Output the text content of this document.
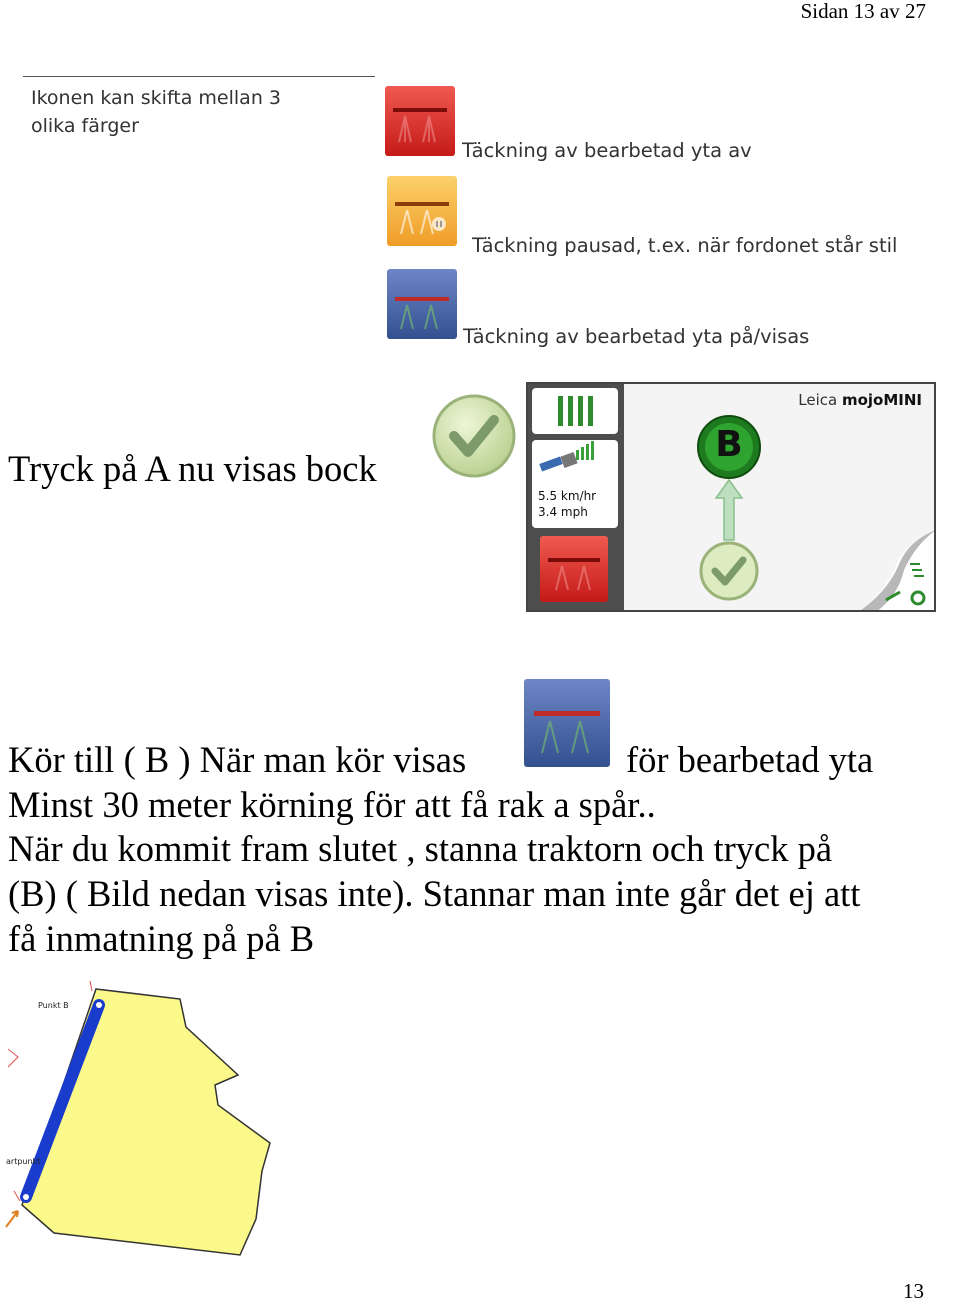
Sidan 13 av 27
Ikonen kan skifta mellan 3
olika färger
Täckning av bearbetad yta av
Täckning pausad, t.ex. när fordonet står stil
Täckning av bearbetad yta på/visas
Tryck på A nu visas bock
5.5 km/hr
3.4 mph
Leica mojoMINI
B
Kör till ( B ) När man kör visas	för bearbetad yta
Minst 30 meter körning för att få rak a spår..
När du kommit fram slutet , stanna traktorn och tryck på
(B) ( Bild nedan visas inte). Stannar man inte går det ej att
få inmatning på på B
Punkt B
artpunkt
13
